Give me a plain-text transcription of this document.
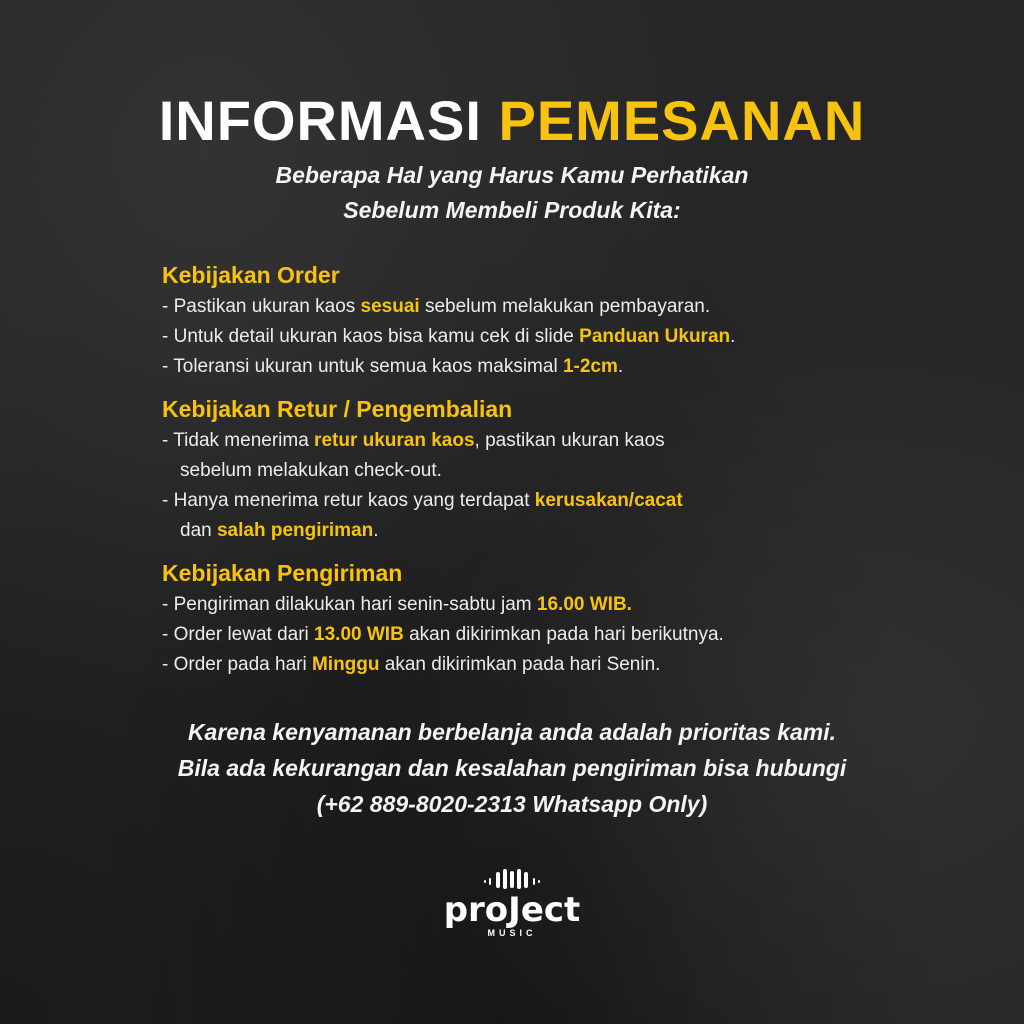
INFORMASI PEMESANAN
Beberapa Hal yang Harus Kamu Perhatikan
Sebelum Membeli Produk Kita:
Kebijakan Order
- Pastikan ukuran kaos sesuai sebelum melakukan pembayaran.
- Untuk detail ukuran kaos bisa kamu cek di slide Panduan Ukuran.
- Toleransi ukuran untuk semua kaos maksimal 1-2cm.
Kebijakan Retur / Pengembalian
- Tidak menerima retur ukuran kaos, pastikan ukuran kaos
sebelum melakukan check-out.
- Hanya menerima retur kaos yang terdapat kerusakan/cacat
dan salah pengiriman.
Kebijakan Pengiriman
- Pengiriman dilakukan hari senin-sabtu jam 16.00 WIB.
- Order lewat dari 13.00 WIB akan dikirimkan pada hari berikutnya.
- Order pada hari Minggu akan dikirimkan pada hari Senin.
Karena kenyamanan berbelanja anda adalah prioritas kami.
Bila ada kekurangan dan kesalahan pengiriman bisa hubungi
(+62 889-8020-2313 Whatsapp Only)
proJect
MUSIC
